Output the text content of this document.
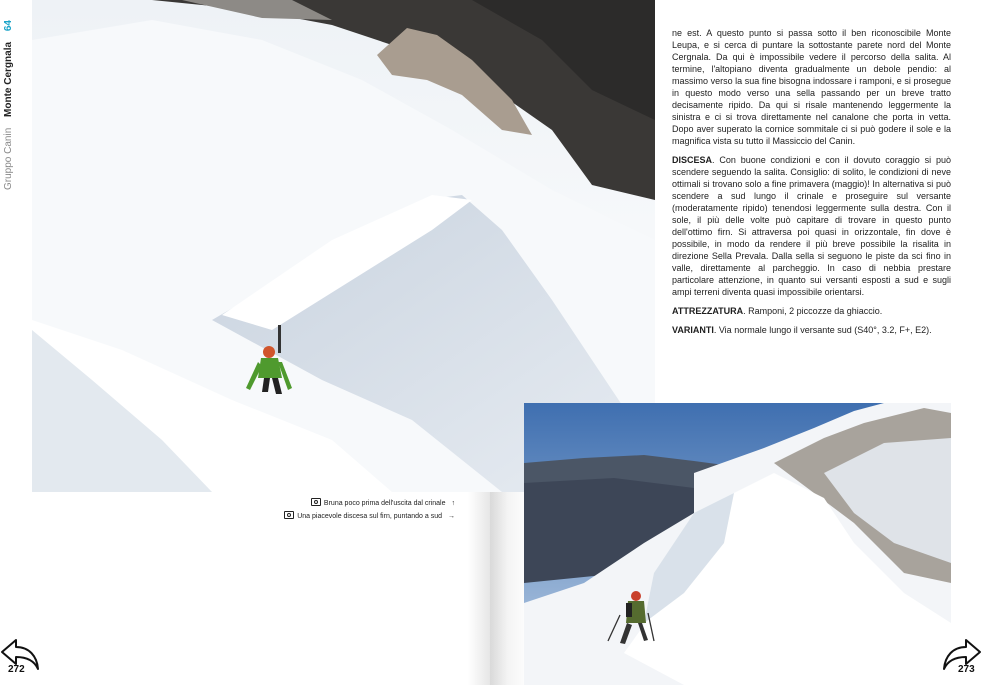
Gruppo Canin Monte Cergnala 64
Bruna poco prima dell'uscita dal crinale ↑
Una piacevole discesa sul firn, puntando a sud →

ne est. A questo punto si passa sotto il ben riconoscibile Monte Leupa, e si cerca di puntare la sottostante parete nord del Monte Cergnala. Da qui è impossibile vedere il percorso della salita. Al termine, l'altopiano diventa gradualmente un debole pendio: al massimo verso la sua fine bisogna indossare i ramponi, e si prosegue in questo modo verso una sella passando per un breve tratto decisamente ripido. Da qui si risale mantenendo leggermente la sinistra e ci si trova direttamente nel canalone che porta in vetta. Dopo aver superato la cornice sommitale ci si può godere il sole e la magnifica vista su tutto il Massiccio del Canin.

DISCESA. Con buone condizioni e con il dovuto coraggio si può scendere seguendo la salita. Consiglio: di solito, le condizioni di neve ottimali si trovano solo a fine primavera (maggio)! In alternativa si può scendere a sud lungo il crinale e proseguire sul versante (moderatamente ripido) tenendosi leggermente sulla destra. Con il sole, il più delle volte può capitare di trovare in questo punto dell'ottimo firn. Si attraversa poi quasi in orizzontale, fin dove è possibile, in modo da rendere il più breve possibile la risalita in direzione Sella Prevala. Dalla sella si seguono le piste da sci fino in valle, direttamente al parcheggio. In caso di nebbia prestare particolare attenzione, in quanto sui versanti esposti a sud e sugli ampi terreni diventa quasi impossibile orientarsi.

ATTREZZATURA. Ramponi, 2 piccozze da ghiaccio.

VARIANTI. Via normale lungo il versante sud (S40°, 3.2, F+, E2).

272	273
